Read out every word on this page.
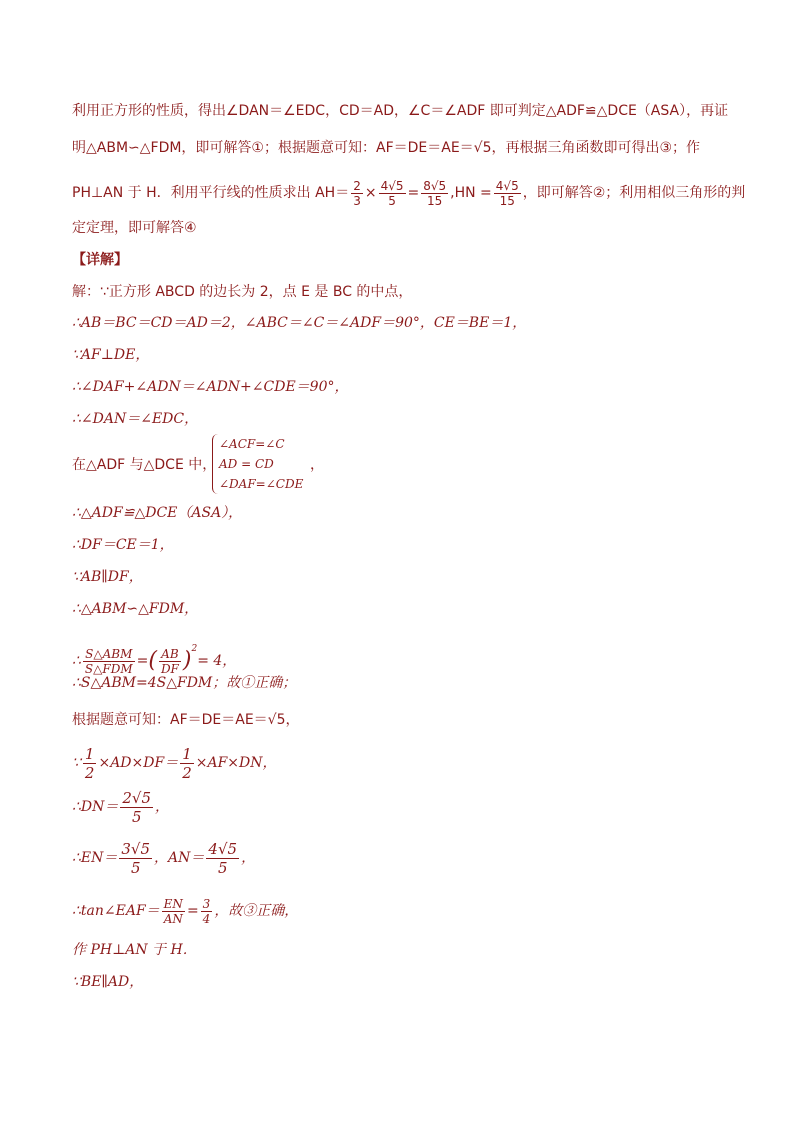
利用正方形的性质，得出∠DAN＝∠EDC，CD＝AD，∠C＝∠ADF 即可判定△ADF≌△DCE（ASA），再证
明△ABM∽△FDM，即可解答①；根据题意可知：AF＝DE＝AE＝√5，再根据三角函数即可得出③；作
PH⊥AN 于 H．利用平行线的性质求出 $AH= \frac{2}{3} \times \frac{4√5}{5} = \frac{8√5}{15} ,HN = \frac{4√5}{15}$ ，即可解答②；利用相似三角形的判
定定理，即可解答④
【详解】
解：∵正方形 ABCD 的边长为 2，点 E 是 BC 的中点，
∴AB＝BC＝CD＝AD＝2，∠ABC＝∠C＝∠ADF＝90°，CE＝BE＝1，
∵AF⊥DE，
∴∠DAF+∠ADN＝∠ADN+∠CDE＝90°，
∴∠DAN＝∠EDC，
在△ADF 与△DCE 中，
∠ACF=∠C
AD = CD
∠DAF=∠CDE
，
∴△ADF≌△DCE（ASA），
∴DF＝CE＝1，
∵AB∥DF，
∴△ABM∽△FDM，
∴ $\frac{\text{S△ABM}}{\text{S△FDM}}$ =( $\frac{AB}{DF} )^2= 4$，
∴S△ABM=4S△FDM；故①正确；
根据题意可知：AF＝DE＝AE＝√5，
∵ $\frac{1}{2} \times AD\times DF= \frac{1}{2} \times AF\times DN$，
∴DN＝ $\frac{2√5}{5}$ ，
∴EN＝ $\frac{3√5}{5}$ ，$AN= \frac{4√5}{5}$ ，
∴tan∠EAF＝ $\frac{EN}{AN} = \frac{3}{4}$ ，故③正确，
作 PH⊥AN 于 H．
∵BE∥AD，
